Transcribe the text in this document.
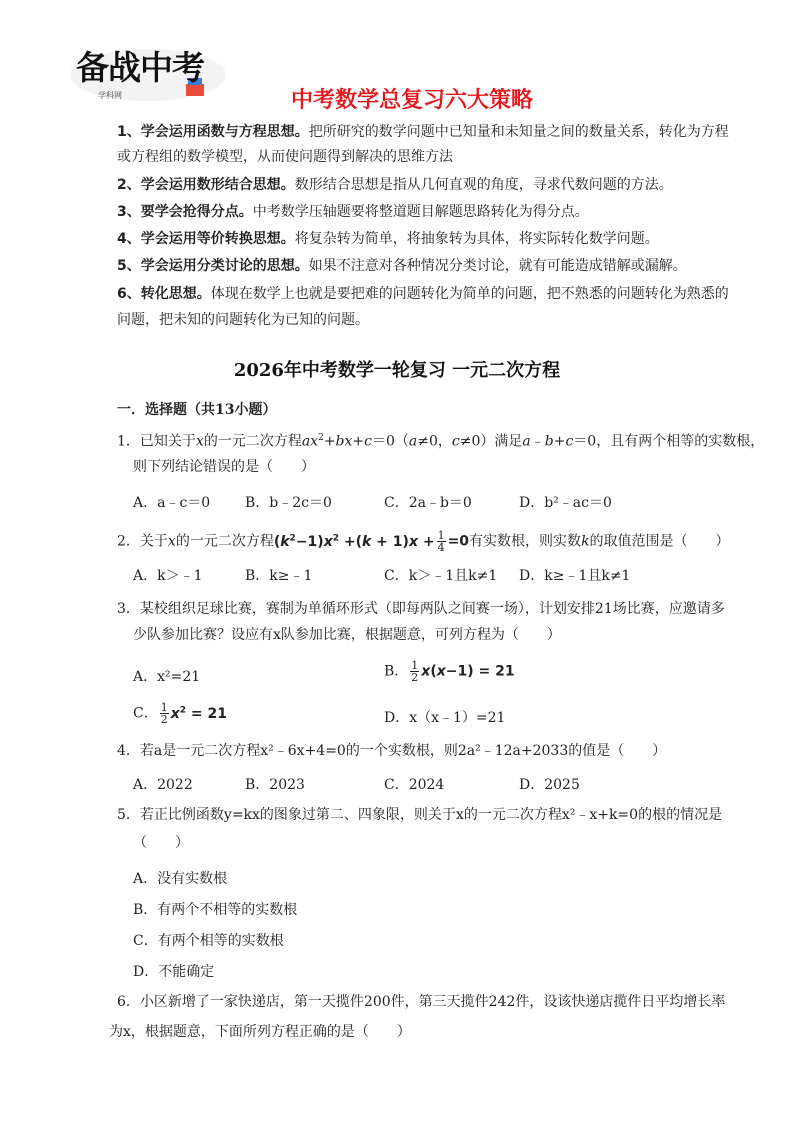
备战中考
学科网	中考数学总复习六大策略
1、学会运用函数与方程思想。把所研究的数学问题中已知量和未知量之间的数量关系，转化为方程
或方程组的数学模型，从而使问题得到解决的思维方法
2、学会运用数形结合思想。数形结合思想是指从几何直观的角度，寻求代数问题的方法。
3、要学会抢得分点。中考数学压轴题要将整道题目解题思路转化为得分点。
4、学会运用等价转换思想。将复杂转为简单，将抽象转为具体，将实际转化数学问题。
5、学会运用分类讨论的思想。如果不注意对各种情况分类讨论，就有可能造成错解或漏解。
6、转化思想。体现在数学上也就是要把难的问题转化为简单的问题，把不熟悉的问题转化为熟悉的
问题，把未知的问题转化为已知的问题。
2026年中考数学一轮复习 一元二次方程
一．选择题（共13小题）
1．已知关于x的一元二次方程$ax^2+bx+c=0(a\ne 0$，c≠0）满足a﹣b+c＝0，且有两个相等的实数根，
则下列结论错误的是（　　）
A．a﹣c＝0 B．b﹣2c＝0	C．2a﹣b＝0	D．b²﹣ac＝0
2．关于x的一元二次方程$(k^2-1)x^2 +(k + 1)x + \frac{1}{4} =0$有实数根，则实数k的取值范围是（　　）
A．k＞﹣1	B．k≥﹣1	C．k＞﹣1且k≠1 D．k≥﹣1且k≠1
3．某校组织足球比赛，赛制为单循环形式（即每两队之间赛一场），计划安排21场比赛，应邀请多
少队参加比赛？设应有x队参加比赛，根据题意，可列方程为（　　）
A．x²=21	B． $\frac{1}{2} x(x-1) = 21$
C． $\frac{1}{2} x^2 = 21$	D．x（x﹣1）=21
4．若a是一元二次方程x²﹣6x+4=0的一个实数根，则2a²﹣12a+2033的值是（　　）
A．2022	B．2023	C．2024	D．2025
5．若正比例函数y=kx的图象过第二、四象限，则关于x的一元二次方程x²﹣x+k=0的根的情况是
（　　）
A．没有实数根
B．有两个不相等的实数根
C．有两个相等的实数根
D．不能确定
6．小区新增了一家快递店，第一天揽件200件，第三天揽件242件，设该快递店揽件日平均增长率
为x，根据题意，下面所列方程正确的是（　　）
